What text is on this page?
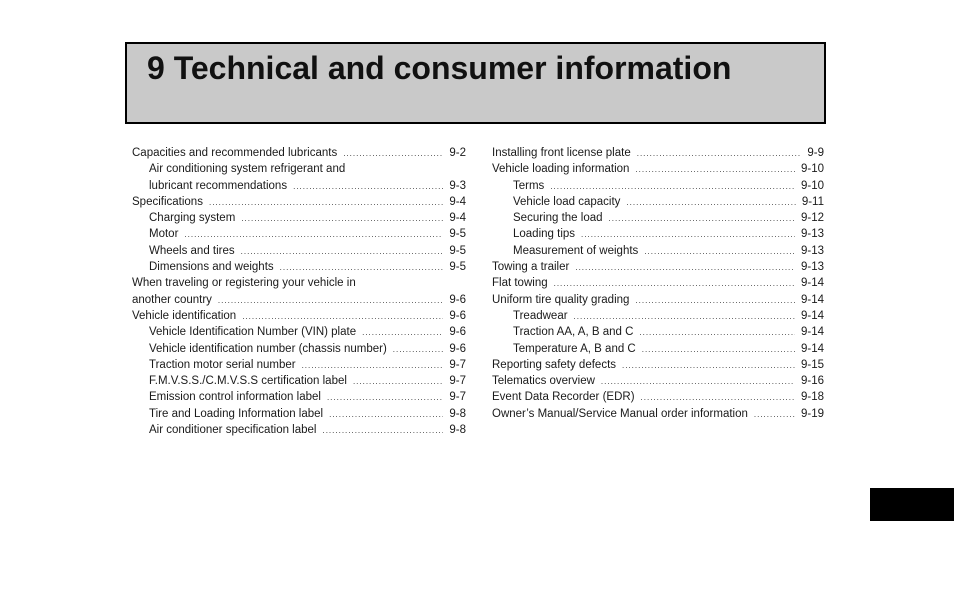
9 Technical and consumer information
Capacities and recommended lubricants .....	9-2
Air conditioning system refrigerant and
lubricant recommendations .....	9-3
Specifications .....	9-4
Charging system .....	9-4
Motor .....	9-5
Wheels and tires .....	9-5
Dimensions and weights .....	9-5
When traveling or registering your vehicle in
another country .....	9-6
Vehicle identification .....	9-6
Vehicle Identification Number (VIN) plate .....	9-6
Vehicle identification number (chassis number) .....	9-6
Traction motor serial number .....	9-7
F.M.V.S.S./C.M.V.S.S certification label .....	9-7
Emission control information label .....	9-7
Tire and Loading Information label .....	9-8
Air conditioner specification label .....	9-8
Installing front license plate .....	9-9
Vehicle loading information .....	9-10
Terms .....	9-10
Vehicle load capacity .....	9-11
Securing the load .....	9-12
Loading tips .....	9-13
Measurement of weights .....	9-13
Towing a trailer .....	9-13
Flat towing .....	9-14
Uniform tire quality grading .....	9-14
Treadwear .....	9-14
Traction AA, A, B and C .....	9-14
Temperature A, B and C .....	9-14
Reporting safety defects .....	9-15
Telematics overview .....	9-16
Event Data Recorder (EDR) .....	9-18
Owner’s Manual/Service Manual order information .....	9-19
